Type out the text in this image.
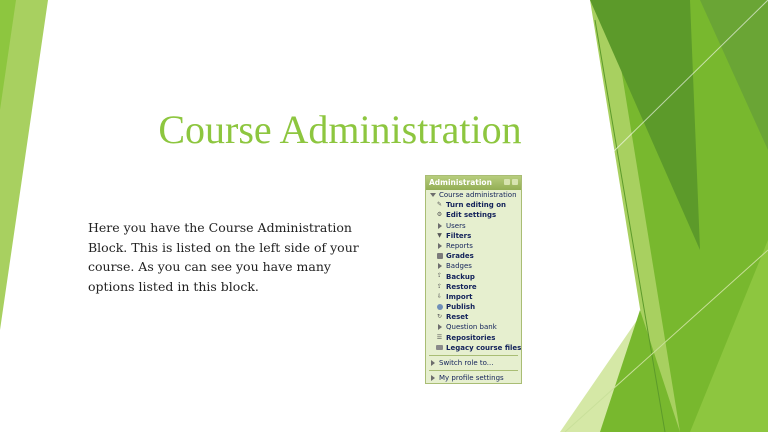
Course Administration

Here you have the Course Administration Block. This is listed on the left side of your course. As you can see you have many options listed in this block.

Administration
Course administration
✎ Turn editing on
⚙ Edit settings
Users
▼ Filters
Reports
Grades
Badges
⇪ Backup
⇪ Restore
⇩ Import
Publish
↻ Reset
Question bank
☰ Repositories
Legacy course files
Switch role to...
My profile settings
